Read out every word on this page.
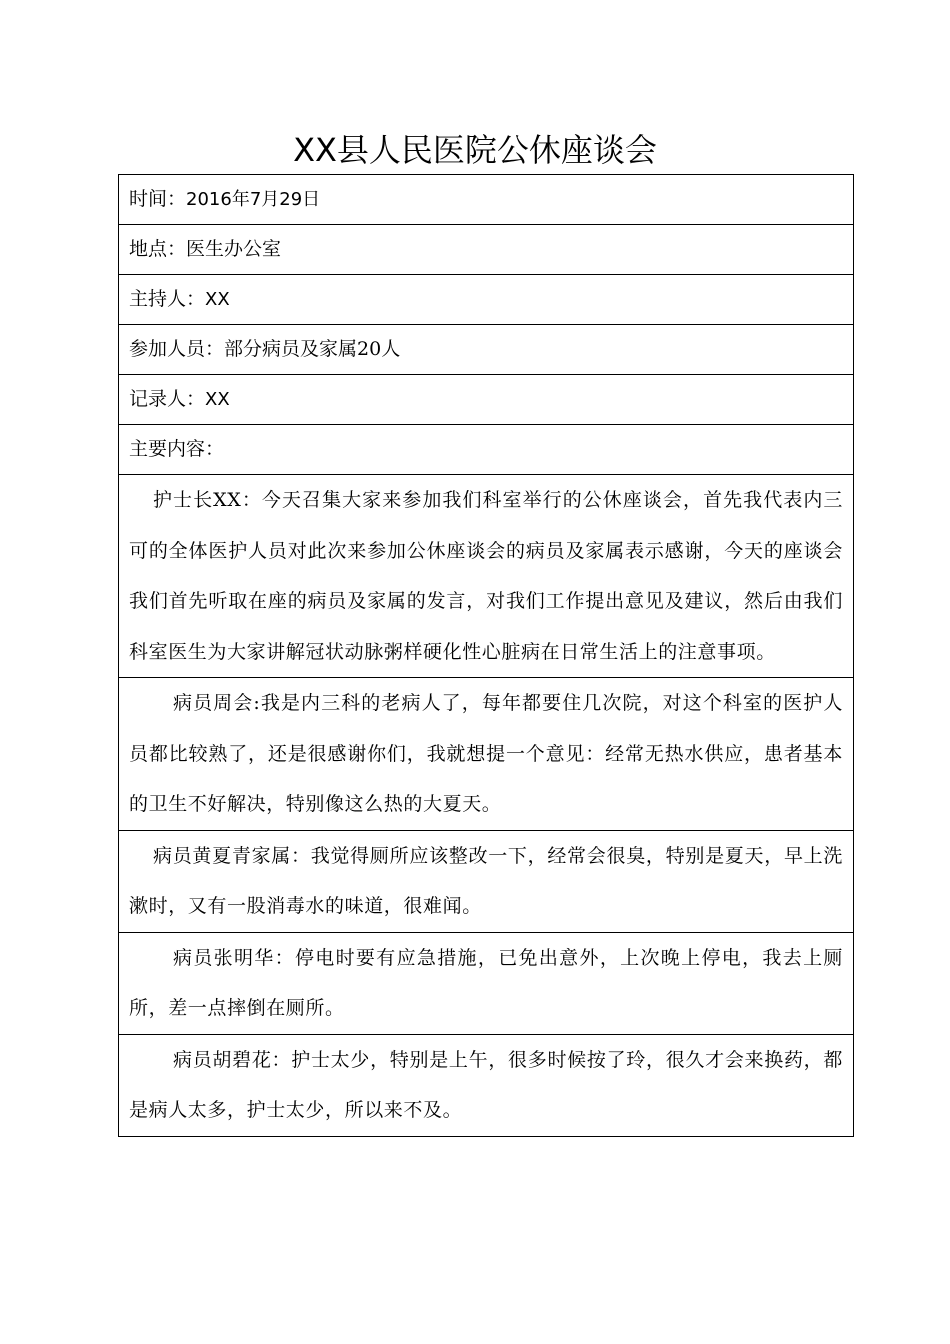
XX县人民医院公休座谈会
时间：2016年7月29日
地点：医生办公室
主持人：XX
参加人员：部分病员及家属20人
记录人：XX
主要内容：

护士长XX：今天召集大家来参加我们科室举行的公休座谈会，首先我代表内三可的全体医护人员对此次来参加公休座谈会的病员及家属表示感谢，今天的座谈会我们首先听取在座的病员及家属的发言，对我们工作提出意见及建议，然后由我们科室医生为大家讲解冠状动脉粥样硬化性心脏病在日常生活上的注意事项。

病员周会:我是内三科的老病人了，每年都要住几次院，对这个科室的医护人员都比较熟了，还是很感谢你们，我就想提一个意见：经常无热水供应，患者基本的卫生不好解决，特别像这么热的大夏天。

病员黄夏青家属：我觉得厕所应该整改一下，经常会很臭，特别是夏天，早上洗漱时，又有一股消毒水的味道，很难闻。

病员张明华：停电时要有应急措施，已免出意外，上次晚上停电，我去上厕所，差一点摔倒在厕所。

病员胡碧花：护士太少，特别是上午，很多时候按了玲，很久才会来换药，都是病人太多，护士太少，所以来不及。
